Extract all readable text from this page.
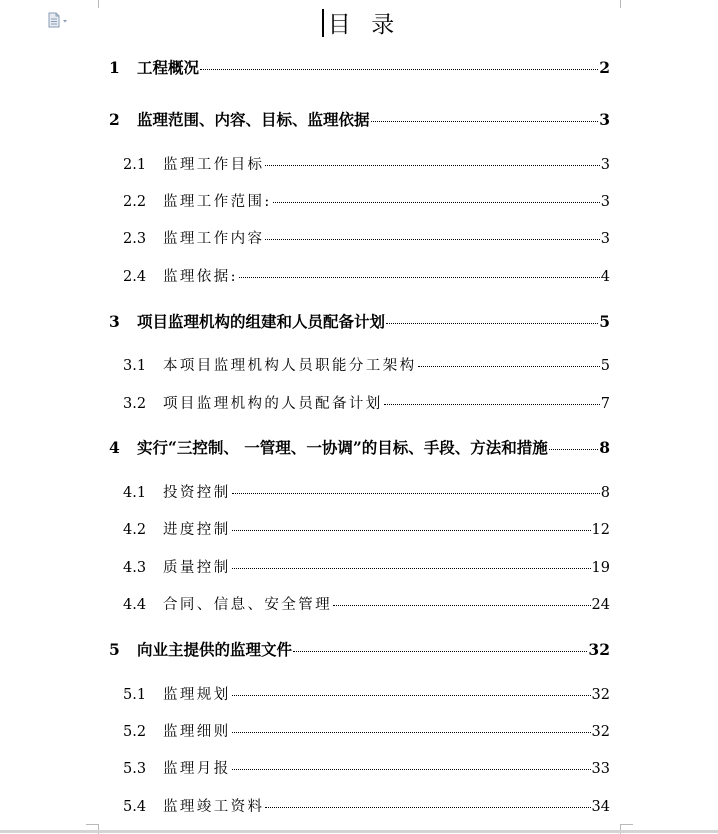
目  录
1	工程概况	2
2	监理范围、内容、目标、监理依据	3
2.1	监理工作目标	3
2.2	监理工作范围:	3
2.3	监理工作内容	3
2.4	监理依据:	4
3	项目监理机构的组建和人员配备计划	5
3.1	本项目监理机构人员职能分工架构	5
3.2	项目监理机构的人员配备计划	7
4	实行“三控制、 一管理、一协调”的目标、手段、方法和措施	8
4.1	投资控制	8
4.2	进度控制	12
4.3	质量控制	19
4.4	合同、信息、安全管理	24
5	向业主提供的监理文件	32
5.1	监理规划	32
5.2	监理细则	32
5.3	监理月报	33
5.4	监理竣工资料	34
